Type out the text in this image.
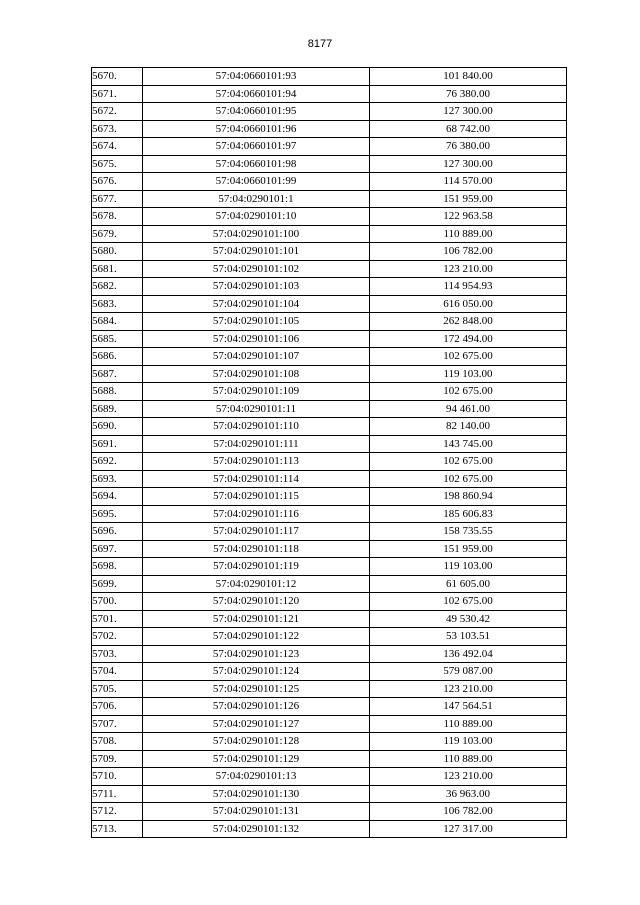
8177
5670.	57:04:0660101:93	101 840.00
5671.	57:04:0660101:94	76 380.00
5672.	57:04:0660101:95	127 300.00
5673.	57:04:0660101:96	68 742.00
5674.	57:04:0660101:97	76 380.00
5675.	57:04:0660101:98	127 300.00
5676.	57:04:0660101:99	114 570.00
5677.	57:04:0290101:1	151 959.00
5678.	57:04:0290101:10	122 963.58
5679.	57:04:0290101:100	110 889.00
5680.	57:04:0290101:101	106 782.00
5681.	57:04:0290101:102	123 210.00
5682.	57:04:0290101:103	114 954.93
5683.	57:04:0290101:104	616 050.00
5684.	57:04:0290101:105	262 848.00
5685.	57:04:0290101:106	172 494.00
5686.	57:04:0290101:107	102 675.00
5687.	57:04:0290101:108	119 103.00
5688.	57:04:0290101:109	102 675.00
5689.	57:04:0290101:11	94 461.00
5690.	57:04:0290101:110	82 140.00
5691.	57:04:0290101:111	143 745.00
5692.	57:04:0290101:113	102 675.00
5693.	57:04:0290101:114	102 675.00
5694.	57:04:0290101:115	198 860.94
5695.	57:04:0290101:116	185 606.83
5696.	57:04:0290101:117	158 735.55
5697.	57:04:0290101:118	151 959.00
5698.	57:04:0290101:119	119 103.00
5699.	57:04:0290101:12	61 605.00
5700.	57:04:0290101:120	102 675.00
5701.	57:04:0290101:121	49 530.42
5702.	57:04:0290101:122	53 103.51
5703.	57:04:0290101:123	136 492.04
5704.	57:04:0290101:124	579 087.00
5705.	57:04:0290101:125	123 210.00
5706.	57:04:0290101:126	147 564.51
5707.	57:04:0290101:127	110 889.00
5708.	57:04:0290101:128	119 103.00
5709.	57:04:0290101:129	110 889.00
5710.	57:04:0290101:13	123 210.00
5711.	57:04:0290101:130	36 963.00
5712.	57:04:0290101:131	106 782.00
5713.	57:04:0290101:132	127 317.00
